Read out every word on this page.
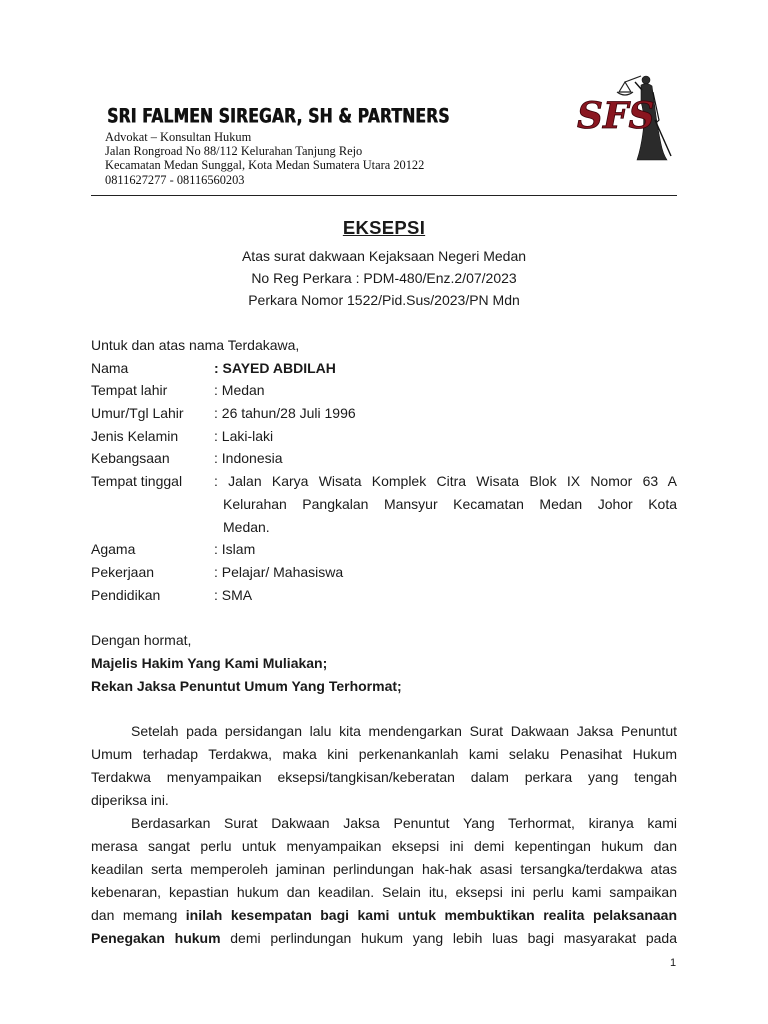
SRI FALMEN SIREGAR, SH & PARTNERS
Advokat – Konsultan Hukum
Jalan Rongroad No 88/112 Kelurahan Tanjung Rejo
Kecamatan Medan Sunggal, Kota Medan Sumatera Utara 20122
0811627277 - 08116560203
SFS
EKSEPSI
Atas surat dakwaan Kejaksaan Negeri Medan
No Reg Perkara : PDM-480/Enz.2/07/2023
Perkara Nomor 1522/Pid.Sus/2023/PN Mdn
Untuk dan atas nama Terdakawa,
Nama	: SAYED ABDILAH
Tempat lahir	: Medan
Umur/Tgl Lahir : 26 tahun/28 Juli 1996
Jenis Kelamin	: Laki-laki
Kebangsaan	: Indonesia
Tempat tinggal : Jalan Karya Wisata Komplek Citra Wisata Blok IX Nomor 63 A
Kelurahan Pangkalan Mansyur Kecamatan Medan Johor Kota
Medan.
Agama	: Islam
Pekerjaan	: Pelajar/ Mahasiswa
Pendidikan	: SMA
Dengan hormat,
Majelis Hakim Yang Kami Muliakan;
Rekan Jaksa Penuntut Umum Yang Terhormat;
Setelah pada persidangan lalu kita mendengarkan Surat Dakwaan Jaksa Penuntut
Umum terhadap Terdakwa, maka kini perkenankanlah kami selaku Penasihat Hukum
Terdakwa menyampaikan eksepsi/tangkisan/keberatan dalam perkara yang tengah
diperiksa ini.
Berdasarkan Surat Dakwaan Jaksa Penuntut Yang Terhormat, kiranya kami
merasa sangat perlu untuk menyampaikan eksepsi ini demi kepentingan hukum dan
keadilan serta memperoleh jaminan perlindungan hak-hak asasi tersangka/terdakwa atas
kebenaran, kepastian hukum dan keadilan. Selain itu, eksepsi ini perlu kami sampaikan
dan memang inilah kesempatan bagi kami untuk membuktikan realita pelaksanaan
Penegakan hukum demi perlindungan hukum yang lebih luas bagi masyarakat pada
1
